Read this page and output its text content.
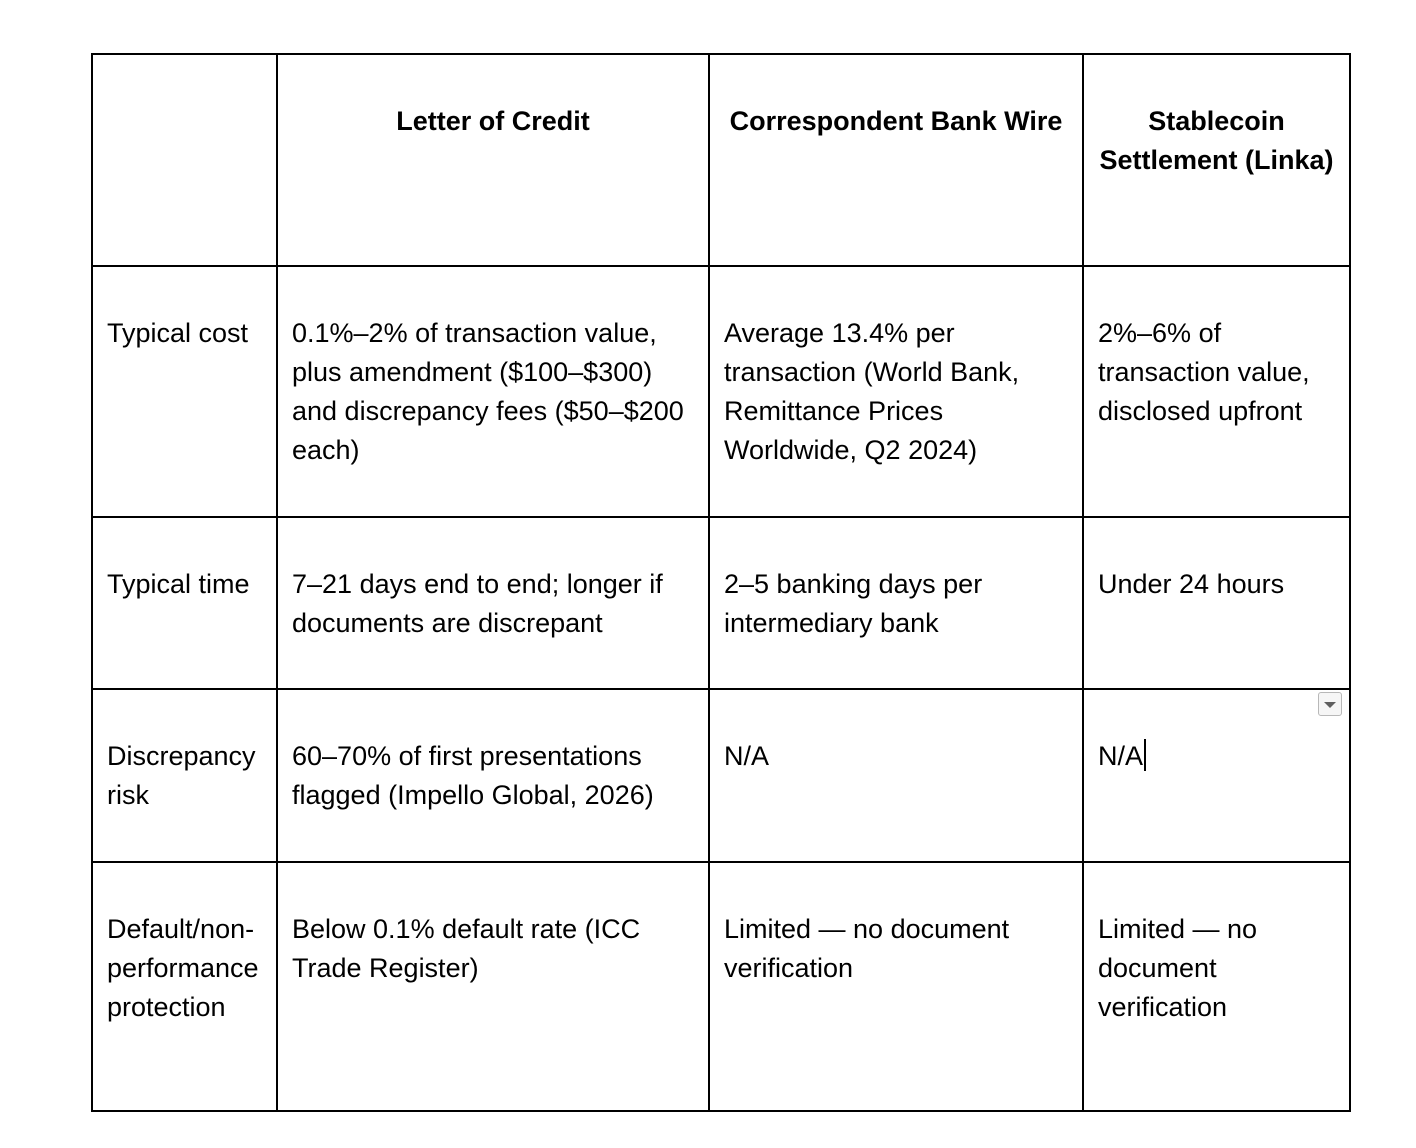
	Letter of Credit	Correspondent Bank Wire	Stablecoin Settlement (Linka)
Typical cost	0.1%–2% of transaction value, plus amendment ($100–$300) and discrepancy fees ($50–$200 each)	Average 13.4% per transaction (World Bank, Remittance Prices Worldwide, Q2 2024)	2%–6% of transaction value, disclosed upfront
Typical time	7–21 days end to end; longer if documents are discrepant	2–5 banking days per intermediary bank	Under 24 hours
Discrepancy risk	60–70% of first presentations flagged (Impello Global, 2026)	N/A	N/A
Default/non-performance protection	Below 0.1% default rate (ICC Trade Register)	Limited — no document verification	Limited — no document verification
